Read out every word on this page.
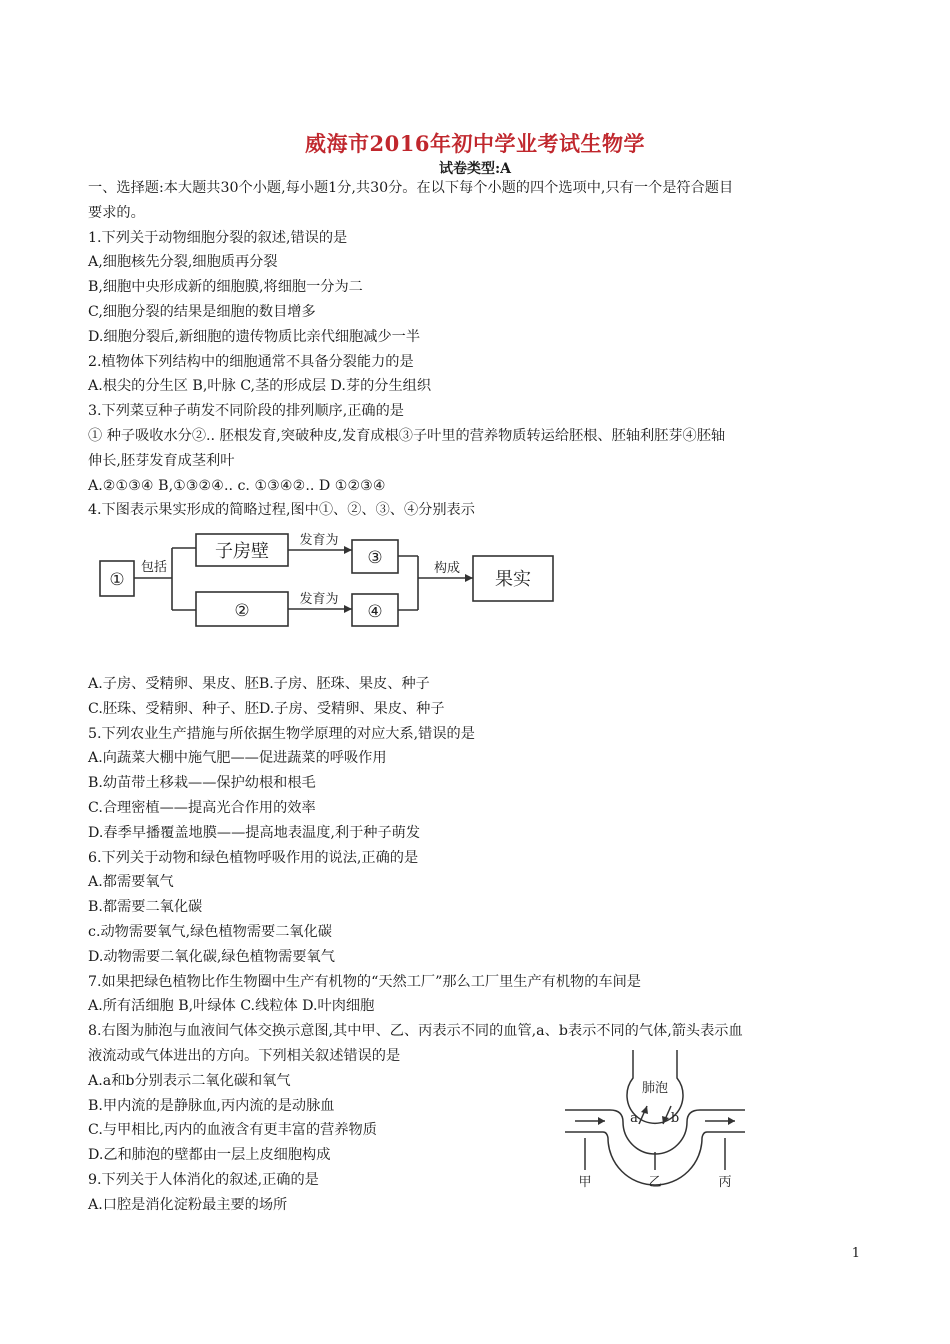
威海市2016年初中学业考试生物学
试卷类型:A

一、选择题:本大题共30个小题,每小题1分,共30分。在以下每个小题的四个选项中,只有一个是符合题目

要求的。

1.下列关于动物细胞分裂的叙述,错误的是

A,细胞核先分裂,细胞质再分裂

B,细胞中央形成新的细胞膜,将细胞一分为二

C,细胞分裂的结果是细胞的数目增多

D.细胞分裂后,新细胞的遗传物质比亲代细胞减少一半

2.植物体下列结构中的细胞通常不具备分裂能力的是

A.根尖的分生区 B,叶脉 C,茎的形成层 D.芽的分生组织

3.下列菜豆种子萌发不同阶段的排列顺序,正确的是

① 种子吸收水分②.. 胚根发育,突破种皮,发育成根③子叶里的营养物质转运给胚根、胚轴利胚芽④胚轴

伸长,胚芽发育成茎利叶

A.②①③④ B,①③②④.. c. ①③④②.. D ①②③④

4.下图表示果实形成的简略过程,图中①、②、③、④分别表示

①
包括
子房壁
发育为
③
②
发育为
④
构成
果实

A.子房、受精卵、果皮、胚B.子房、胚珠、果皮、种子

C.胚珠、受精卵、种子、胚D.子房、受精卵、果皮、种子

5.下列农业生产措施与所依据生物学原理的对应大系,错误的是

A.向蔬菜大棚中施气肥——促进蔬菜的呼吸作用

B.幼苗带土移栽——保护幼根和根毛

C.合理密植——提高光合作用的效率

D.春季早播覆盖地膜——提高地表温度,利于种子萌发

6.下列关于动物和绿色植物呼吸作用的说法,正确的是

A.都需要氧气

B.都需要二氧化碳

c.动物需要氧气,绿色植物需要二氧化碳

D.动物需要二氧化碳,绿色植物需要氧气

7.如果把绿色植物比作生物圈中生产有机物的“天然工厂”那么工厂里生产有机物的车间是

A.所有活细胞 B,叶绿体 C.线粒体 D.叶肉细胞

8.右图为肺泡与血液间气体交换示意图,其中甲、乙、丙表示不同的血管,a、b表示不同的气体,箭头表示血

液流动或气体进出的方向。下列相关叙述错误的是

A.a和b分别表示二氧化碳和氧气

B.甲内流的是静脉血,丙内流的是动脉血

C.与甲相比,丙内的血液含有更丰富的营养物质

D.乙和肺泡的壁都由一层上皮细胞构成

9.下列关于人体消化的叙述,正确的是

A.口腔是消化淀粉最主要的场所

肺泡
a	b
甲	乙	丙
1
